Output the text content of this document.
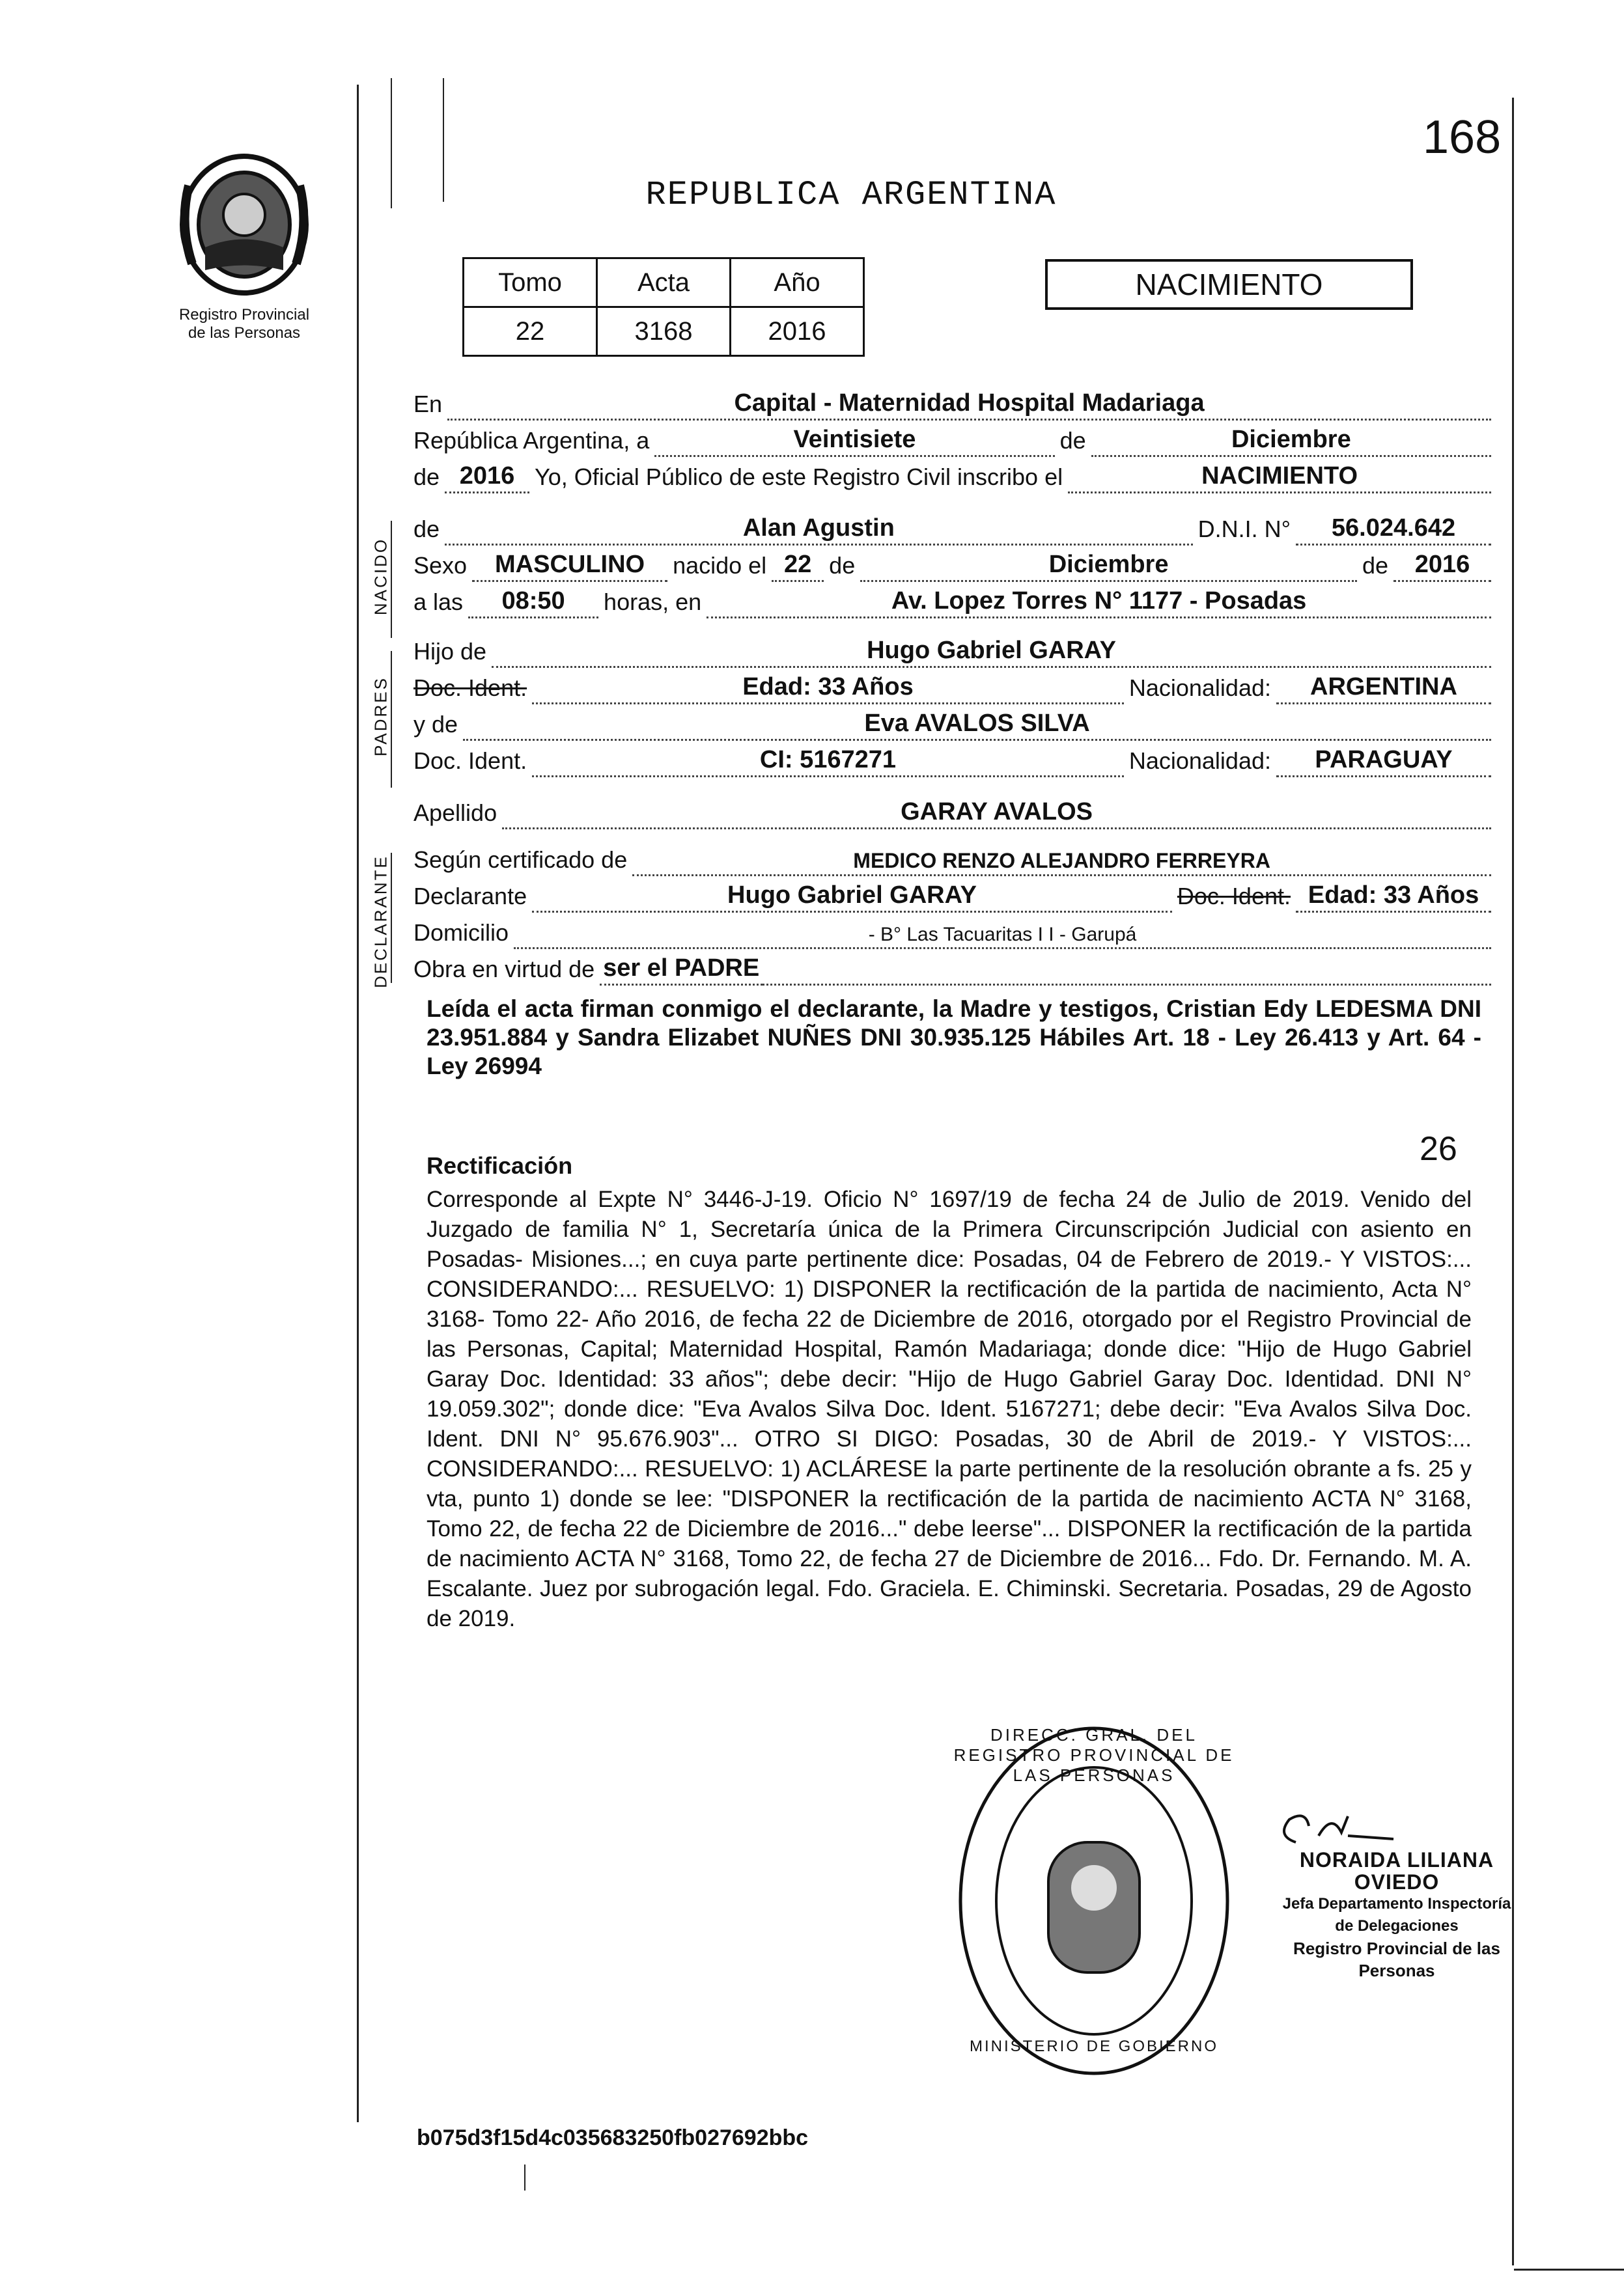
Registro Provincial
de las Personas
REPUBLICA ARGENTINA
168
Tomo	Acta	Año
22	3168	2016
NACIMIENTO
En	Capital - Maternidad Hospital Madariaga
República Argentina, a	Veintisiete	de	Diciembre
de 2016 Yo, Oficial Público de este Registro Civil inscribo el	NACIMIENTO
NACIDO
de	Alan Agustin	D.N.I. N°	56.024.642
Sexo	MASCULINO	nacido el 22 de	Diciembre	de	2016
a las	08:50	horas, en	Av. Lopez Torres N° 1177 - Posadas
PADRES
Hijo de	Hugo Gabriel GARAY
Doc. Ident.	Edad: 33 Años	Nacionalidad:	ARGENTINA
y de	Eva AVALOS SILVA
Doc. Ident.	CI: 5167271	Nacionalidad:	PARAGUAY
Apellido	GARAY AVALOS
DECLARANTE Según certificado de	MEDICO RENZO ALEJANDRO FERREYRA
Declarante	Hugo Gabriel GARAY	Doc. Ident. Edad: 33 Años
Domicilio	- B° Las Tacuaritas I I - Garupá
Obra en virtud de ser el PADRE
Leída el acta firman conmigo el declarante, la Madre y testigos, Cristian Edy LEDESMA DNI 23.951.884 y Sandra Elizabet NUÑES DNI 30.935.125 Hábiles Art. 18 - Ley 26.413 y Art. 64 - Ley 26994
26
Rectificación
Corresponde al Expte N° 3446-J-19. Oficio N° 1697/19 de fecha 24 de Julio de 2019. Venido del Juzgado de familia N° 1, Secretaría única de la Primera Circunscripción Judicial con asiento en Posadas- Misiones...; en cuya parte pertinente dice: Posadas, 04 de Febrero de 2019.- Y VISTOS:... CONSIDERANDO:... RESUELVO: 1) DISPONER la rectificación de la partida de nacimiento, Acta N° 3168- Tomo 22- Año 2016, de fecha 22 de Diciembre de 2016, otorgado por el Registro Provincial de las Personas, Capital; Maternidad Hospital, Ramón Madariaga; donde dice: "Hijo de Hugo Gabriel Garay Doc. Identidad: 33 años"; debe decir: "Hijo de Hugo Gabriel Garay Doc. Identidad. DNI N° 19.059.302"; donde dice: "Eva Avalos Silva Doc. Ident. 5167271; debe decir: "Eva Avalos Silva Doc. Ident. DNI N° 95.676.903"... OTRO SI DIGO: Posadas, 30 de Abril de 2019.- Y VISTOS:... CONSIDERANDO:... RESUELVO: 1) ACLÁRESE la parte pertinente de la resolución obrante a fs. 25 y vta, punto 1) donde se lee: "DISPONER la rectificación de la partida de nacimiento ACTA N° 3168, Tomo 22, de fecha 22 de Diciembre de 2016..." debe leerse"... DISPONER la rectificación de la partida de nacimiento ACTA N° 3168, Tomo 22, de fecha 27 de Diciembre de 2016... Fdo. Dr. Fernando. M. A. Escalante. Juez por subrogación legal. Fdo. Graciela. E. Chiminski. Secretaria. Posadas, 29 de Agosto de 2019.
DIRECC. GRAL. DEL REGISTRO PROVINCIAL DE LAS PERSONAS
MINISTERIO DE GOBIERNO
NORAIDA LILIANA OVIEDO
Jefa Departamento Inspectoría
de Delegaciones
Registro Provincial de las Personas
b075d3f15d4c035683250fb027692bbc
